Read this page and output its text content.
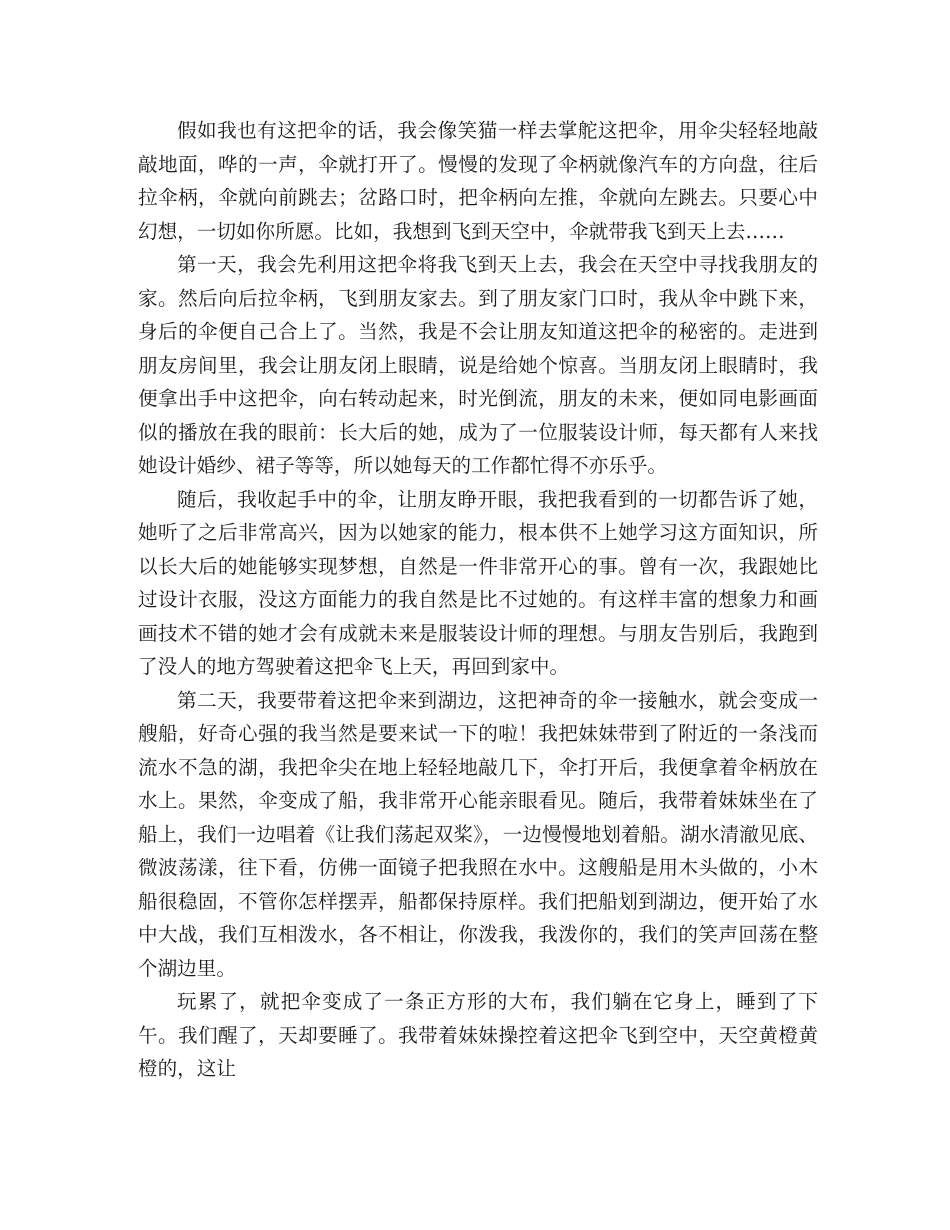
假如我也有这把伞的话，我会像笑猫一样去掌舵这把伞，用伞尖轻轻地敲敲地面，哗的一声，伞就打开了。慢慢的发现了伞柄就像汽车的方向盘，往后拉伞柄，伞就向前跳去；岔路口时，把伞柄向左推，伞就向左跳去。只要心中幻想，一切如你所愿。比如，我想到飞到天空中，伞就带我飞到天上去……

第一天，我会先利用这把伞将我飞到天上去，我会在天空中寻找我朋友的家。然后向后拉伞柄，飞到朋友家去。到了朋友家门口时，我从伞中跳下来，身后的伞便自己合上了。当然，我是不会让朋友知道这把伞的秘密的。走进到朋友房间里，我会让朋友闭上眼睛，说是给她个惊喜。当朋友闭上眼睛时，我便拿出手中这把伞，向右转动起来，时光倒流，朋友的未来，便如同电影画面似的播放在我的眼前：长大后的她，成为了一位服装设计师，每天都有人来找她设计婚纱、裙子等等，所以她每天的工作都忙得不亦乐乎。

随后，我收起手中的伞，让朋友睁开眼，我把我看到的一切都告诉了她，她听了之后非常高兴，因为以她家的能力，根本供不上她学习这方面知识，所以长大后的她能够实现梦想，自然是一件非常开心的事。曾有一次，我跟她比过设计衣服，没这方面能力的我自然是比不过她的。有这样丰富的想象力和画画技术不错的她才会有成就未来是服装设计师的理想。与朋友告别后，我跑到了没人的地方驾驶着这把伞飞上天，再回到家中。

第二天，我要带着这把伞来到湖边，这把神奇的伞一接触水，就会变成一艘船，好奇心强的我当然是要来试一下的啦！我把妹妹带到了附近的一条浅而流水不急的湖，我把伞尖在地上轻轻地敲几下，伞打开后，我便拿着伞柄放在水上。果然，伞变成了船，我非常开心能亲眼看见。随后，我带着妹妹坐在了船上，我们一边唱着《让我们荡起双桨》，一边慢慢地划着船。湖水清澈见底、微波荡漾，往下看，仿佛一面镜子把我照在水中。这艘船是用木头做的，小木船很稳固，不管你怎样摆弄，船都保持原样。我们把船划到湖边，便开始了水中大战，我们互相泼水，各不相让，你泼我，我泼你的，我们的笑声回荡在整个湖边里。

玩累了，就把伞变成了一条正方形的大布，我们躺在它身上，睡到了下午。我们醒了，天却要睡了。我带着妹妹操控着这把伞飞到空中，天空黄橙黄橙的，这让
